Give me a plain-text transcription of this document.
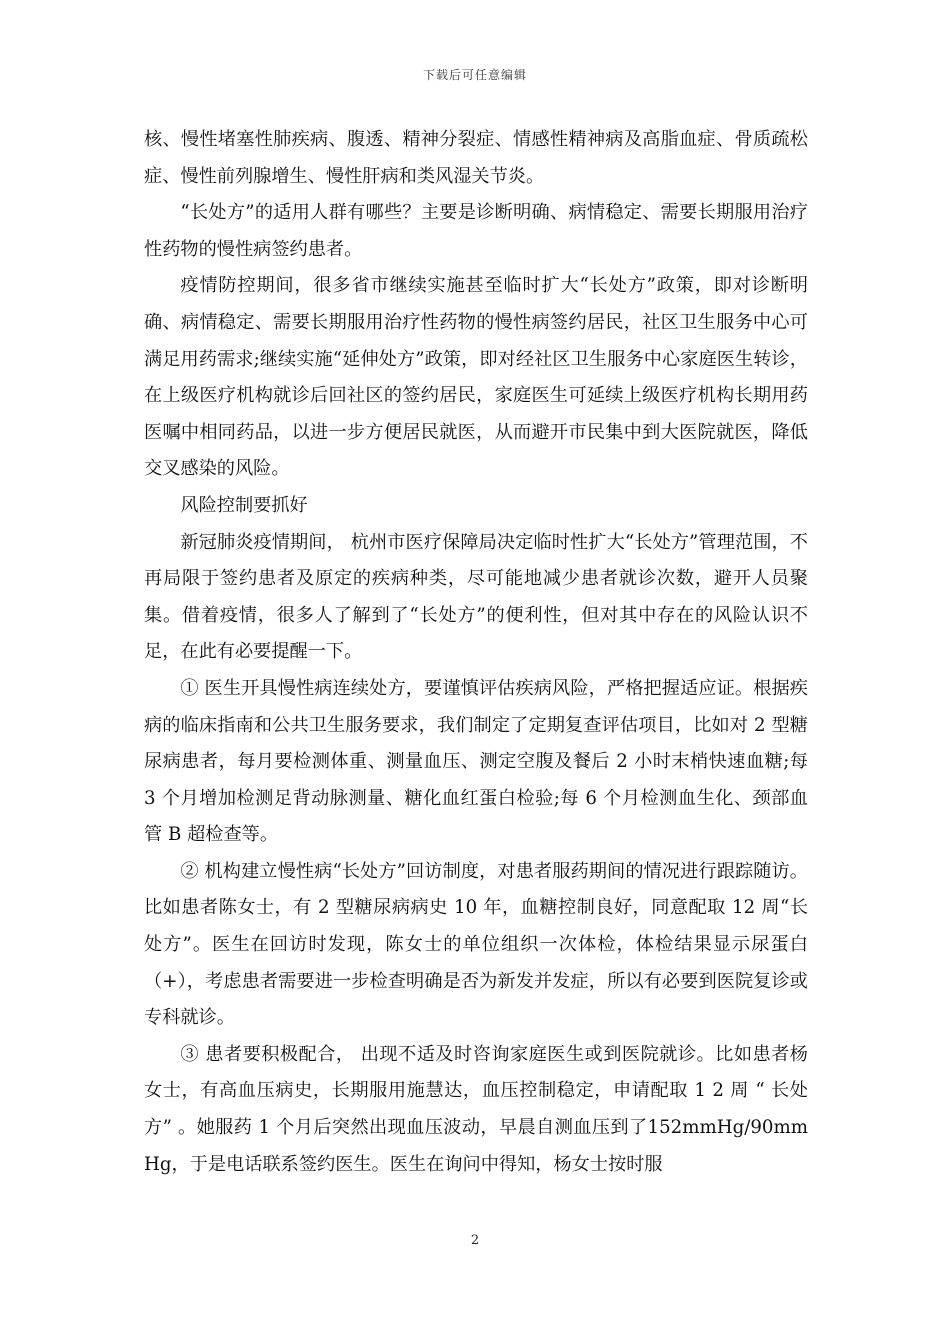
下载后可任意编辑

核、慢性堵塞性肺疾病、腹透、精神分裂症、情感性精神病及高脂血症、骨质疏松症、慢性前列腺增生、慢性肝病和类风湿关节炎。

“长处方”的适用人群有哪些？主要是诊断明确、病情稳定、需要长期服用治疗性药物的慢性病签约患者。

疫情防控期间，很多省市继续实施甚至临时扩大“长处方”政策，即对诊断明确、病情稳定、需要长期服用治疗性药物的慢性病签约居民，社区卫生服务中心可满足用药需求;继续实施“延伸处方”政策，即对经社区卫生服务中心家庭医生转诊，在上级医疗机构就诊后回社区的签约居民，家庭医生可延续上级医疗机构长期用药医嘱中相同药品，以进一步方便居民就医，从而避开市民集中到大医院就医，降低交叉感染的风险。

风险控制要抓好

新冠肺炎疫情期间， 杭州市医疗保障局决定临时性扩大“长处方”管理范围，不再局限于签约患者及原定的疾病种类，尽可能地减少患者就诊次数，避开人员聚集。借着疫情，很多人了解到了“长处方”的便利性，但对其中存在的风险认识不足，在此有必要提醒一下。

① 医生开具慢性病连续处方，要谨慎评估疾病风险，严格把握适应证。根据疾病的临床指南和公共卫生服务要求，我们制定了定期复查评估项目，比如对 2 型糖尿病患者，每月要检测体重、测量血压、测定空腹及餐后 2 小时末梢快速血糖;每 3 个月增加检测足背动脉测量、糖化血红蛋白检验;每 6 个月检测血生化、颈部血管 B 超检查等。

② 机构建立慢性病“长处方”回访制度，对患者服药期间的情况进行跟踪随访。比如患者陈女士，有 2 型糖尿病病史 10 年，血糖控制良好，同意配取 12 周“长处方”。医生在回访时发现，陈女士的单位组织一次体检，体检结果显示尿蛋白（+），考虑患者需要进一步检查明确是否为新发并发症，所以有必要到医院复诊或专科就诊。

③ 患者要积极配合， 出现不适及时咨询家庭医生或到医院就诊。比如患者杨女士，有高血压病史，长期服用施慧达，血压控制稳定，申请配取 1 2 周 “ 长处方” 。她服药 1 个月后突然出现血压波动，早晨自测血压到了152mmHg/90mmHg，于是电话联系签约医生。医生在询问中得知，杨女士按时服

2
